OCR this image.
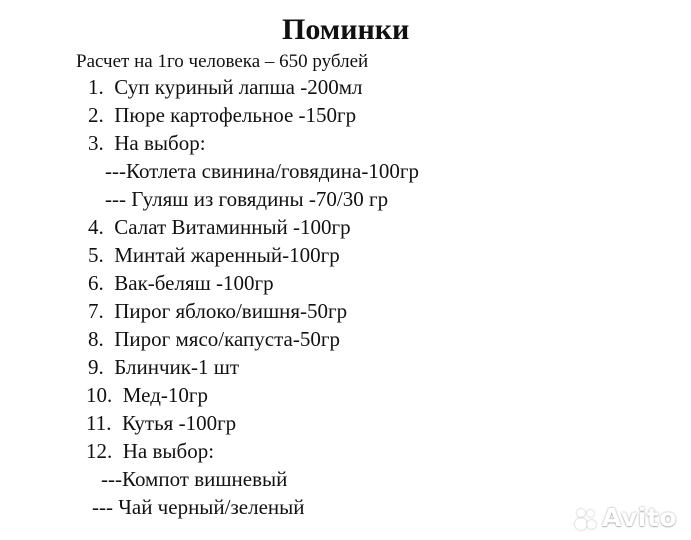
Поминки

Расчет на 1го человека – 650 рублей

1.  Суп куриный лапша -200мл
2.  Пюре картофельное -150гр
3.  На выбор:
---Котлета свинина/говядина-100гр
--- Гуляш из говядины -70/30 гр
4.  Салат Витаминный -100гр
5.  Минтай жаренный-100гр
6.  Вак-беляш -100гр
7.  Пирог яблоко/вишня-50гр
8.  Пирог мясо/капуста-50гр
9.  Блинчик-1 шт
10.  Мед-10гр
11.  Кутья -100гр
12.  На выбор:
---Компот вишневый
--- Чай черный/зеленый	Avito
